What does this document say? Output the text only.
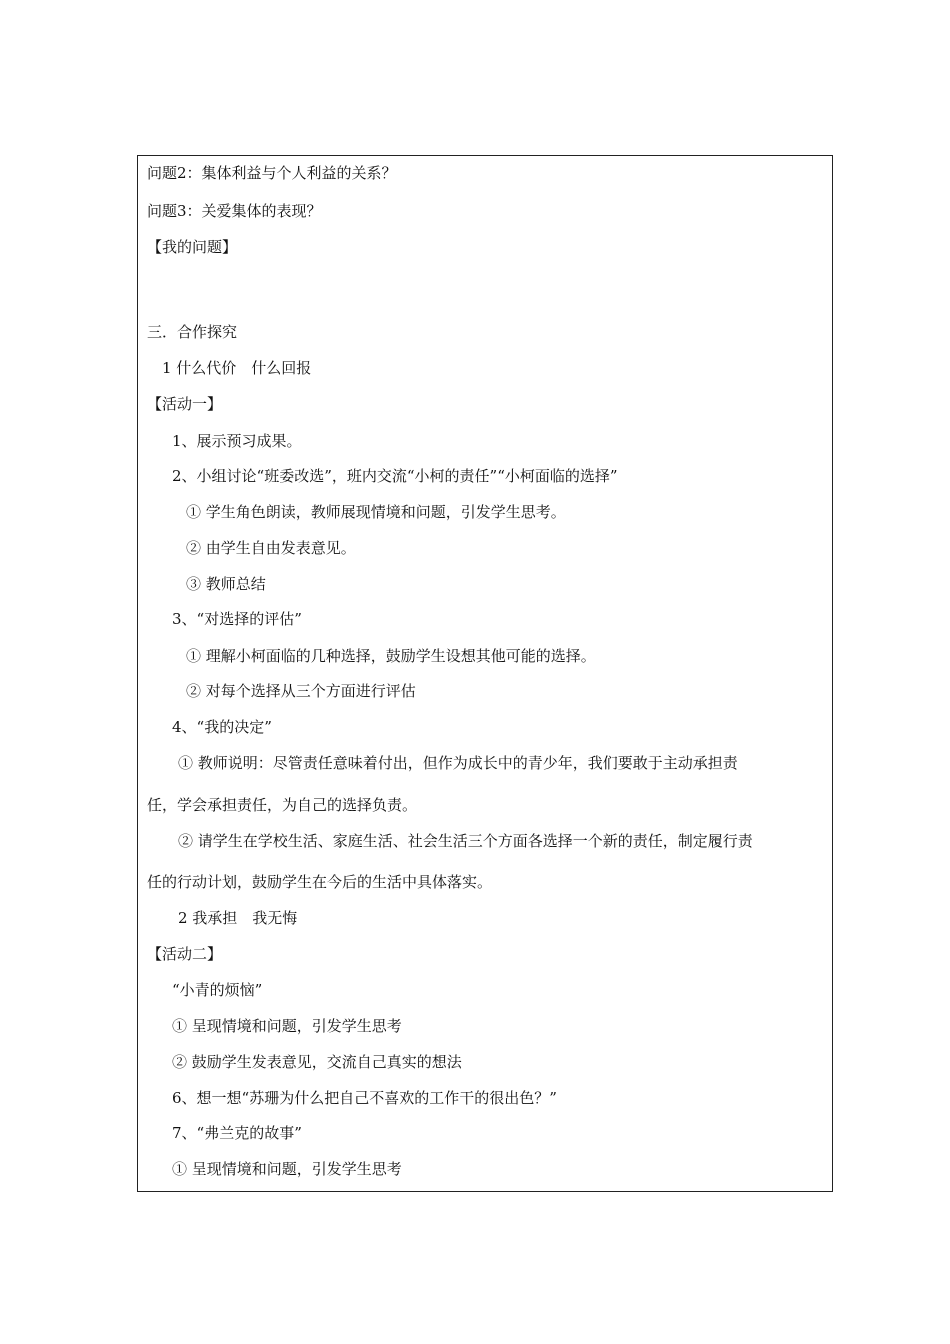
问题2：集体利益与个人利益的关系？
问题3：关爱集体的表现？
【我的问题】
三．合作探究
1 什么代价　什么回报
【活动一】
1、展示预习成果。
2、小组讨论“班委改选”，班内交流“小柯的责任”“小柯面临的选择”
① 学生角色朗读，教师展现情境和问题，引发学生思考。
② 由学生自由发表意见。
③ 教师总结
3、“对选择的评估”
① 理解小柯面临的几种选择，鼓励学生设想其他可能的选择。
② 对每个选择从三个方面进行评估
4、“我的决定”
① 教师说明：尽管责任意味着付出，但作为成长中的青少年，我们要敢于主动承担责
任，学会承担责任，为自己的选择负责。
② 请学生在学校生活、家庭生活、社会生活三个方面各选择一个新的责任，制定履行责
任的行动计划，鼓励学生在今后的生活中具体落实。
2 我承担　我无悔
【活动二】
“小青的烦恼”
① 呈现情境和问题，引发学生思考
② 鼓励学生发表意见，交流自己真实的想法
6、想一想“苏珊为什么把自己不喜欢的工作干的很出色？”
7、“弗兰克的故事”
① 呈现情境和问题，引发学生思考
